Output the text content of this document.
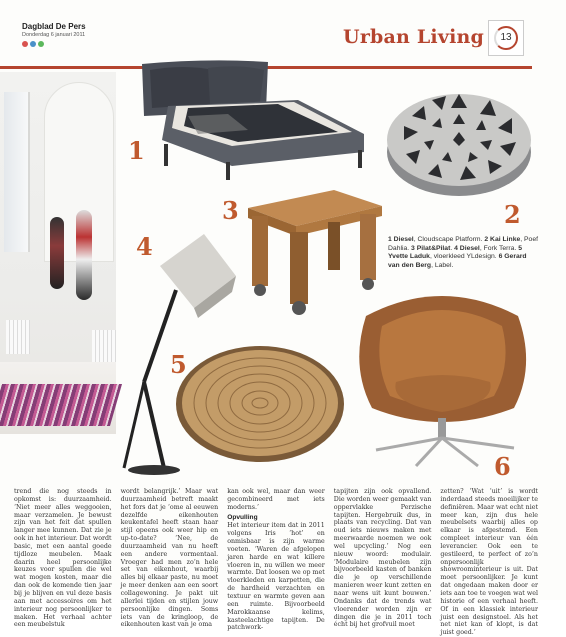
Dagblad De Pers
Donderdag 6 januari 2011	Urban Living	13
1
2
3
4
5
6
1 Diesel, Cloudscape Platform. 2 Kai Linke, Poef Dahlia. 3 Pilat&Pilat. 4 Diesel, Fork Terra. 5 Yvette Laduk, vloerkleed YLdesign. 6 Gerard van den Berg, Label.

trend die nog steeds in opkomst is: duurzaamheid. ‘Niet meer alles weggooien, maar verzamelen. Je bewust zijn van het feit dat spullen langer mee kunnen. Dat zie je ook in het interieur. Dat wordt basic, met een aantal goede tijdloze meubelen. Maak daarin heel persoonlijke keuzes voor spullen die wel wat mogen kosten, maar die dan ook de komende tien jaar bij je blijven en vul deze basis aan met accessoires om het interieur nog persoonlijker te maken. Het verhaal achter een meubelstuk

wordt belangrijk.’ Maar wat duurzaamheid betreft maakt het fors dat je ‘ome al eeuwen dezelfde eikenhouten keukentafel heeft staan haar stijl opeens ook weer hip en up-to-date? ‘Nee, de duurzaamheid van nu heeft een andere vormentaal. Vroeger had men zo’n hele set van eikenhout, waarbij alles bij elkaar paste, nu moet je meer denken aan een soort collagewoning. Je pakt uit allerlei tijden en stijlen jouw persoonlijke dingen. Soms iets van de kringloop, de eikenhouten kast van je oma

kan ook wel, maar dan weer gecombineerd met iets moderns.’

Opvulling

Het interieur item dat in 2011 volgens Iris ‘hot’ en onmisbaar is zijn warme voeten. ‘Waren de afgelopen jaren harde en wat killere vloeren in, nu willen we meer warmte. Dat loosen we op met vloerkleden en karpetten, die de hardheid verzachten en textuur en warmte geven aan een ruimte. Bijvoorbeeld Marokkaanse kelims, kasteelachtige tapijten. De patchwork-

tapijten zijn ook opvallend. Die worden weer gemaakt van oppervlakke Perzische tapijten. Hergebruik dus, in plaats van recycling. Dat van oud iets nieuws maken met meerwaarde noemen we ook wel upcycling.’ Nog een nieuw woord: modulair. ‘Modulaire meubelen zijn bijvoorbeeld kasten of banken die je op verschillende manieren weer kunt zetten en naar wens uit kunt bouwen.’ Ondanks dat de trends wat vloerender worden zijn er dingen die je in 2011 toch écht bij het grofvuil moet

zetten? ‘Wat ‘uit’ is wordt inderdaad steeds moeilijker te definiëren. Maar wat echt niet meer kan, zijn dus hele meubelsets waarbij alles op elkaar is afgestemd. Een compleet interieur van één leverancier. Ook een te gestileerd, te perfect of zo’n onpersoonlijk showroominterieur is uit. Dat moet persoonlijker. Je kunt dat ongedaan maken door er iets aan toe te voegen wat wel historie of een verhaal heeft. Of in een klassiek interieur juist een designstoel. Als het net niet kan of klopt, is dat juist goed.’
